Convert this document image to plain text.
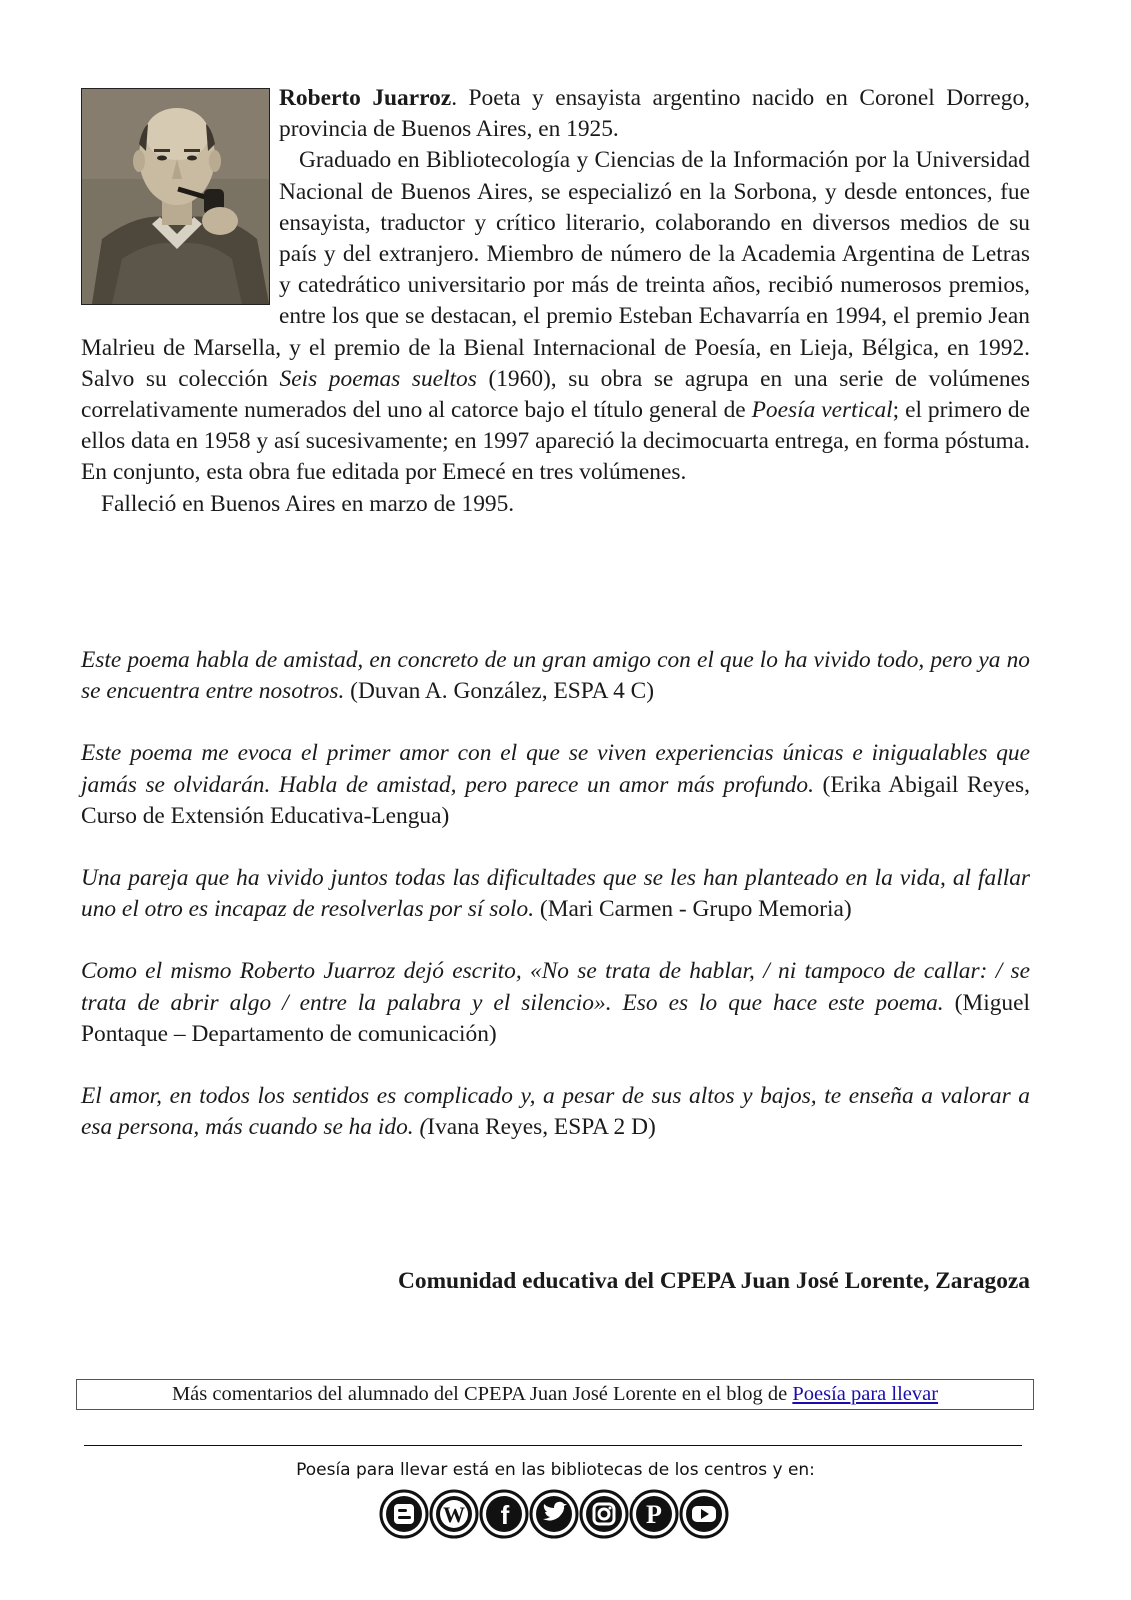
Roberto Juarroz. Poeta y ensayista argentino nacido en Coronel Dorrego, provincia de Buenos Aires, en 1925.

Graduado en Bibliotecología y Ciencias de la Información por la Universidad Nacional de Buenos Aires, se especializó en la Sorbona, y desde entonces, fue ensayista, traductor y crítico literario, colaborando en diversos medios de su país y del extranjero. Miembro de número de la Academia Argentina de Letras y catedrático universitario por más de treinta años, recibió numerosos premios, entre los que se destacan, el premio Esteban Echavarría en 1994, el premio Jean Malrieu de Marsella, y el premio de la Bienal Internacional de Poesía, en Lieja, Bélgica, en 1992. Salvo su colección Seis poemas sueltos (1960), su obra se agrupa en una serie de volúmenes correlativamente numerados del uno al catorce bajo el título general de Poesía vertical; el primero de ellos data en 1958 y así sucesivamente; en 1997 apareció la decimocuarta entrega, en forma póstuma. En conjunto, esta obra fue editada por Emecé en tres volúmenes.

Falleció en Buenos Aires en marzo de 1995.

Este poema habla de amistad, en concreto de un gran amigo con el que lo ha vivido todo, pero ya no se encuentra entre nosotros. (Duvan A. González, ESPA 4 C)

Este poema me evoca el primer amor con el que se viven experiencias únicas e inigualables que jamás se olvidarán. Habla de amistad, pero parece un amor más profundo. (Erika Abigail Reyes, Curso de Extensión Educativa-Lengua)

Una pareja que ha vivido juntos todas las dificultades que se les han planteado en la vida, al fallar uno el otro es incapaz de resolverlas por sí solo. (Mari Carmen - Grupo Memoria)

Como el mismo Roberto Juarroz dejó escrito, «No se trata de hablar, / ni tampoco de callar: / se trata de abrir algo / entre la palabra y el silencio». Eso es lo que hace este poema. (Miguel Pontaque – Departamento de comunicación)

El amor, en todos los sentidos es complicado y, a pesar de sus altos y bajos, te enseña a valorar a esa persona, más cuando se ha ido. (Ivana Reyes, ESPA 2 D)

Comunidad educativa del CPEPA Juan José Lorente, Zaragoza
Más comentarios del alumnado del CPEPA Juan José Lorente en el blog de Poesía para llevar
Poesía para llevar está en las bibliotecas de los centros y en:
W f	P
